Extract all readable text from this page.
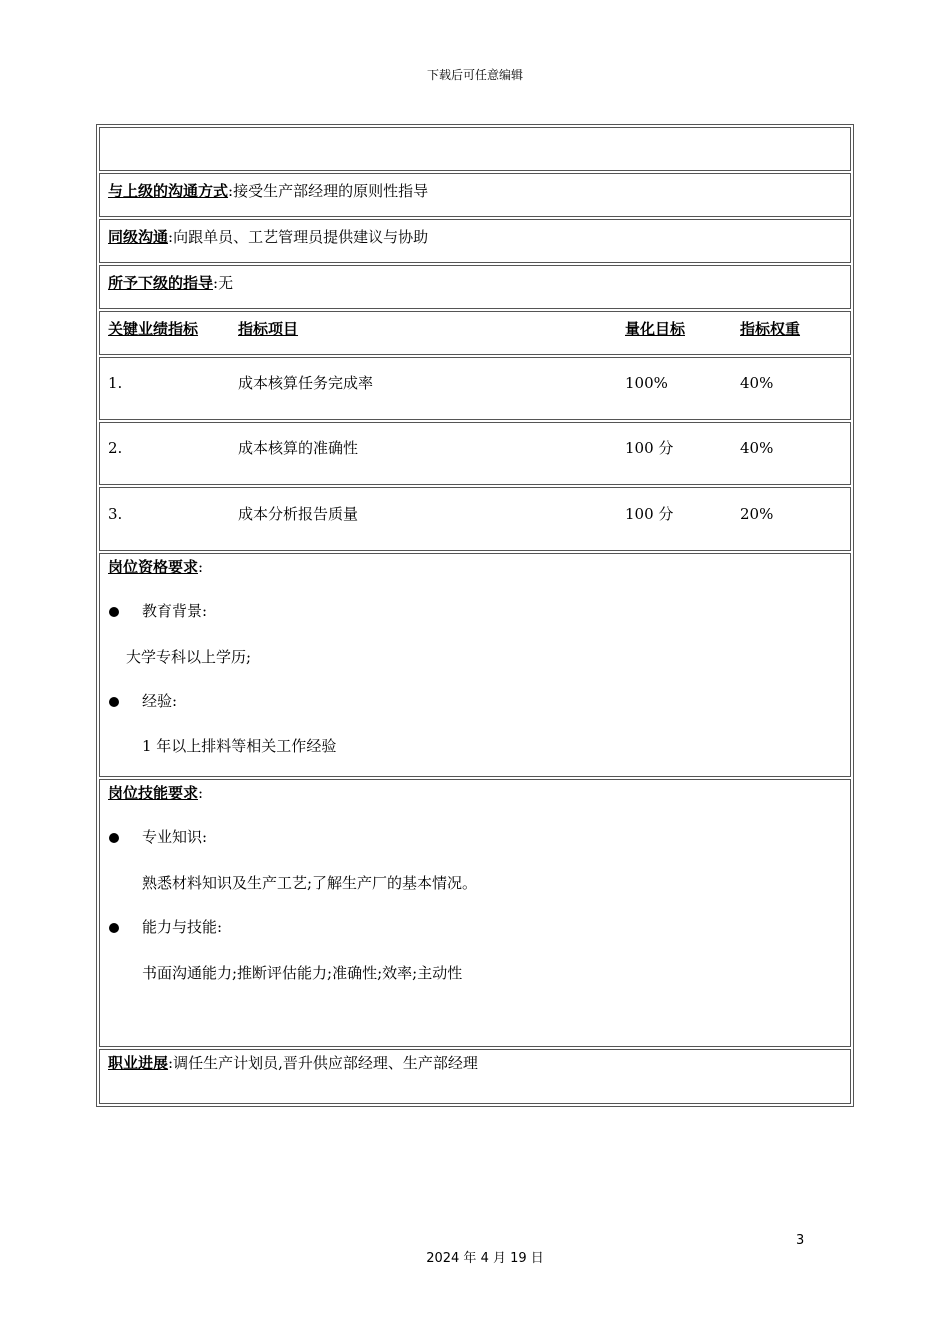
下载后可任意编辑
与上级的沟通方式:接受生产部经理的原则性指导
同级沟通:向跟单员、工艺管理员提供建议与协助
所予下级的指导:无
关键业绩指标	指标项目	量化目标	指标权重
1.	成本核算任务完成率	100%	40%
2.	成本核算的准确性	100 分	40%
3.	成本分析报告质量	100 分	20%
岗位资格要求:
教育背景:
大学专科以上学历;
经验:
1 年以上排料等相关工作经验
岗位技能要求:
专业知识:
熟悉材料知识及生产工艺;了解生产厂的基本情况。
能力与技能:
书面沟通能力;推断评估能力;准确性;效率;主动性
职业进展:调任生产计划员,晋升供应部经理、生产部经理
3
2024 年 4 月 19 日
